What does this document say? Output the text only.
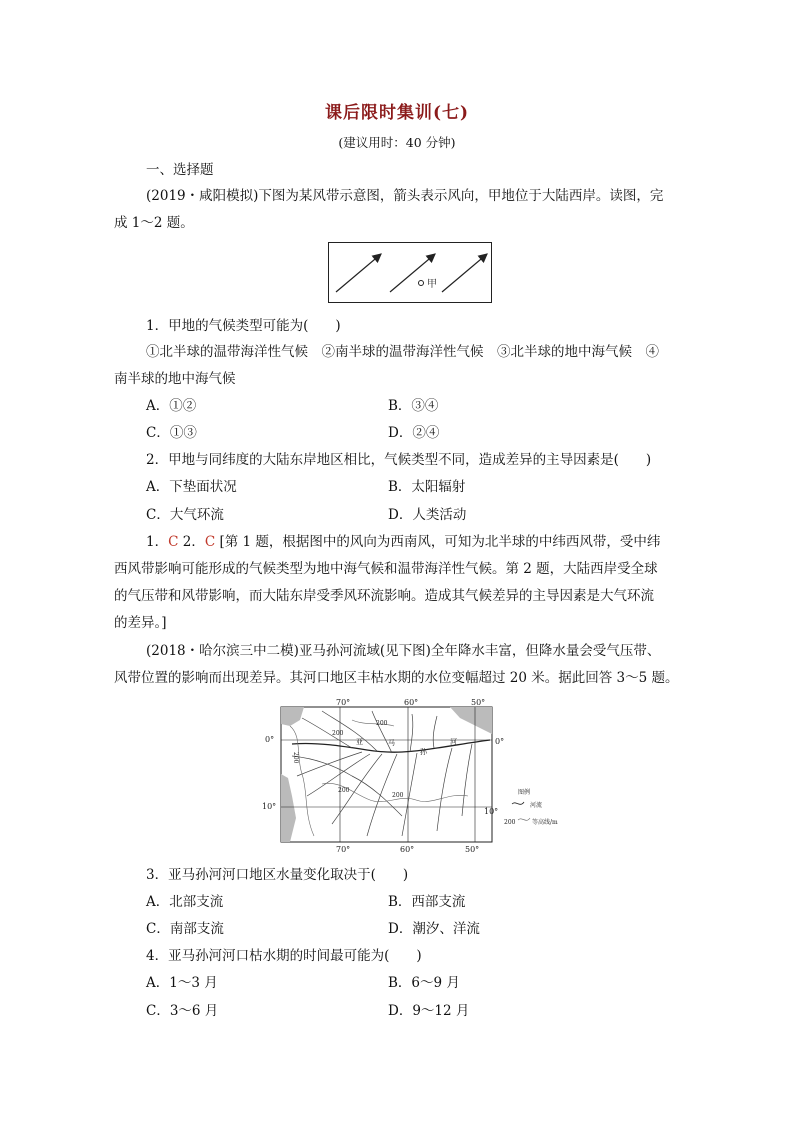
课后限时集训(七)
(建议用时：40 分钟)
一、选择题
(2019・咸阳模拟)下图为某风带示意图，箭头表示风向，甲地位于大陆西岸。读图，完
成 1～2 题。
甲
1．甲地的气候类型可能为(　　)
①北半球的温带海洋性气候　②南半球的温带海洋性气候　③北半球的地中海气候　④
南半球的地中海气候
A．①②	B．③④
C．①③	D．②④
2．甲地与同纬度的大陆东岸地区相比，气候类型不同，造成差异的主导因素是(　　)
A．下垫面状况	B．太阳辐射
C．大气环流	D．人类活动
1．C 2．C [第 1 题，根据图中的风向为西南风，可知为北半球的中纬西风带，受中纬
西风带影响可能形成的气候类型为地中海气候和温带海洋性气候。第 2 题，大陆西岸受全球
的气压带和风带影响，而大陆东岸受季风环流影响。造成其气候差异的主导因素是大气环流
的差异。]
(2018・哈尔滨三中二模)亚马孙河流域(见下图)全年降水丰富，但降水量会受气压带、
风带位置的影响而出现差异。其河口地区丰枯水期的水位变幅超过 20 米。据此回答 3～5 题。
70°	60°	50°
0°
10°
0°
10°
亚	马
孙
河
200
200
200
200
200
70°	60°	50°
图例
河流
200	等高线/m
3．亚马孙河河口地区水量变化取决于(　　)
A．北部支流	B．西部支流
C．南部支流	D．潮汐、洋流
4．亚马孙河河口枯水期的时间最可能为(　　)
A．1～3 月	B．6～9 月
C．3～6 月	D．9～12 月
